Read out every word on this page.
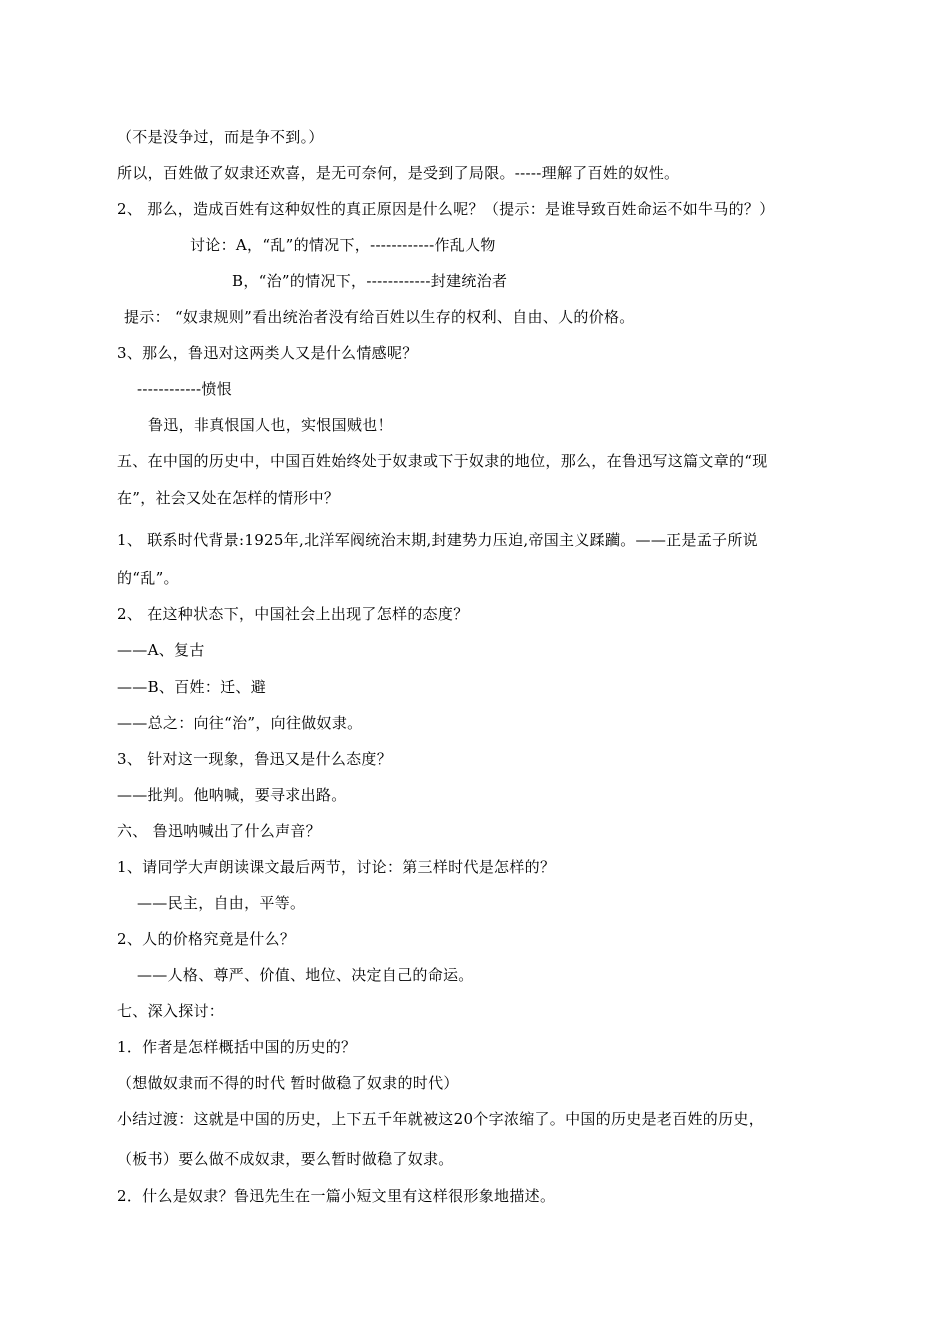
（不是没争过，而是争不到。）
所以，百姓做了奴隶还欢喜，是无可奈何，是受到了局限。-----理解了百姓的奴性。
2、 那么，造成百姓有这种奴性的真正原因是什么呢？（提示：是谁导致百姓命运不如牛马的？）
讨论：A，“乱”的情况下，------------作乱人物
B，“治”的情况下，------------封建统治者
提示： “奴隶规则”看出统治者没有给百姓以生存的权利、自由、人的价格。
3、那么，鲁迅对这两类人又是什么情感呢？
------------愤恨
鲁迅，非真恨国人也，实恨国贼也！
五、在中国的历史中，中国百姓始终处于奴隶或下于奴隶的地位，那么，在鲁迅写这篇文章的“现
在”，社会又处在怎样的情形中？
1、 联系时代背景:1925年,北洋军阀统治末期,封建势力压迫,帝国主义蹂躏。——正是孟子所说
的“乱”。
2、 在这种状态下，中国社会上出现了怎样的态度？
——A、复古
——B、百姓：迁、避
——总之：向往“治”，向往做奴隶。
3、 针对这一现象，鲁迅又是什么态度？
——批判。他呐喊，要寻求出路。
六、 鲁迅呐喊出了什么声音？
1、请同学大声朗读课文最后两节，讨论：第三样时代是怎样的？
——民主，自由，平等。
2、人的价格究竟是什么？
——人格、尊严、价值、地位、决定自己的命运。
七、深入探讨：
1．作者是怎样概括中国的历史的？
（想做奴隶而不得的时代 暂时做稳了奴隶的时代）
小结过渡：这就是中国的历史，上下五千年就被这20个字浓缩了。中国的历史是老百姓的历史，
（板书）要么做不成奴隶，要么暂时做稳了奴隶。
2．什么是奴隶？鲁迅先生在一篇小短文里有这样很形象地描述。
